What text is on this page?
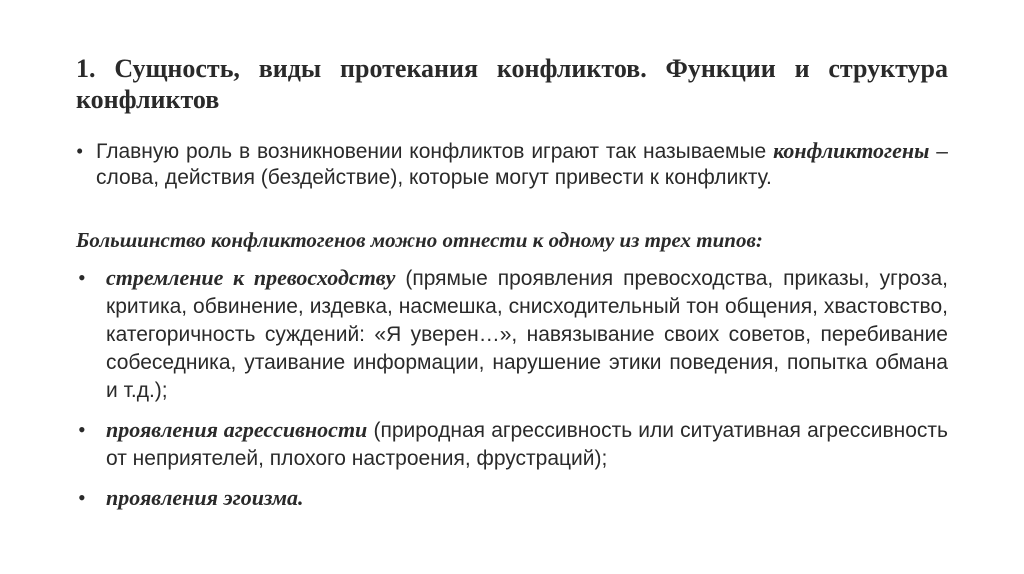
1. Сущность, виды протекания конфликтов. Функции и структура конфликтов
• Главную роль в возникновении конфликтов играют так называемые конфликтогены – слова, действия (бездействие), которые могут привести к конфликту.
Большинство конфликтогенов можно отнести к одному из трех типов:
• стремление к превосходству (прямые проявления превосходства, приказы, угроза, критика, обвинение, издевка, насмешка, снисходительный тон общения, хвастовство, категоричность суждений: «Я уверен…», навязывание своих советов, перебивание собеседника, утаивание информации, нарушение этики поведения, попытка обмана и т.д.);
• проявления агрессивности (природная агрессивность или ситуативная агрессивность от неприятелей, плохого настроения, фрустраций);
• проявления эгоизма.
